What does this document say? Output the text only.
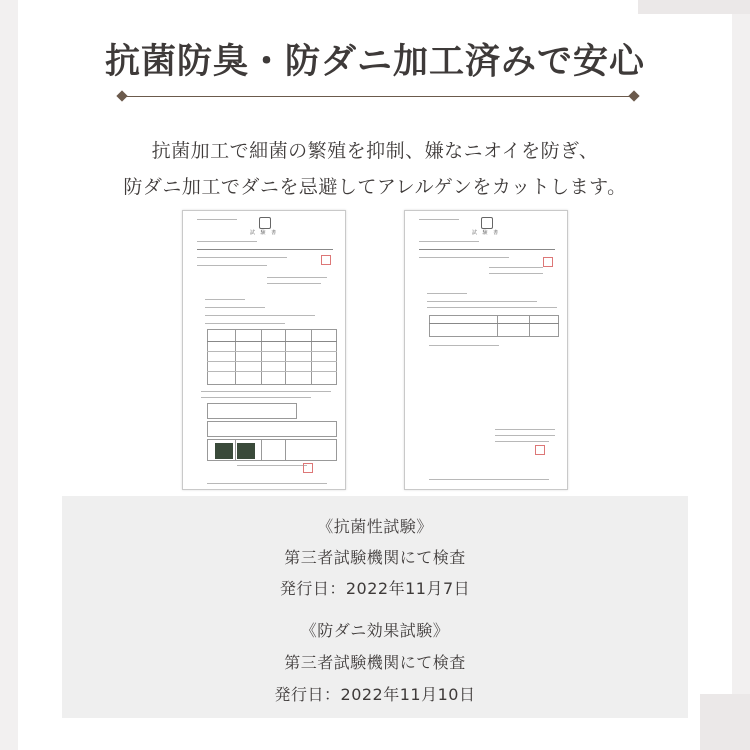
抗菌防臭・防ダニ加工済みで安心

抗菌加工で細菌の繁殖を抑制、嫌なニオイを防ぎ、

防ダニ加工でダニを忌避してアレルゲンをカットします。

試 験 書	試 験 書

《抗菌性試験》

第三者試験機関にて検査

発行日：2022年11月7日

《防ダニ効果試験》

第三者試験機関にて検査

発行日：2022年11月10日
